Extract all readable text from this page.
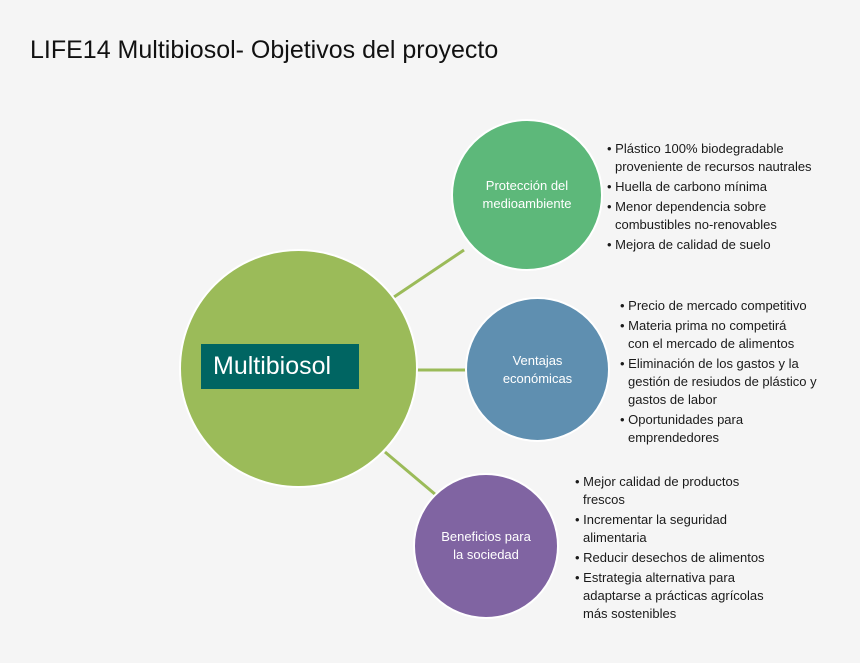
LIFE14 Multibiosol- Objetivos del proyecto
Multibiosol
Protección del
medioambiente
Ventajas
económicas
Beneficios para
la sociedad
• Plástico 100% biodegradable
proveniente de recursos nautrales
• Huella de carbono mínima
• Menor dependencia sobre
combustibles no-renovables
• Mejora de calidad de suelo
• Precio de mercado competitivo
• Materia prima no competirá
con el mercado de alimentos
• Eliminación de los gastos y la
gestión de resiudos de plástico y
gastos de labor
• Oportunidades para
emprendedores
• Mejor calidad de productos
frescos
• Incrementar la seguridad
alimentaria
• Reducir desechos de alimentos
• Estrategia alternativa para
adaptarse a prácticas agrícolas
más sostenibles
